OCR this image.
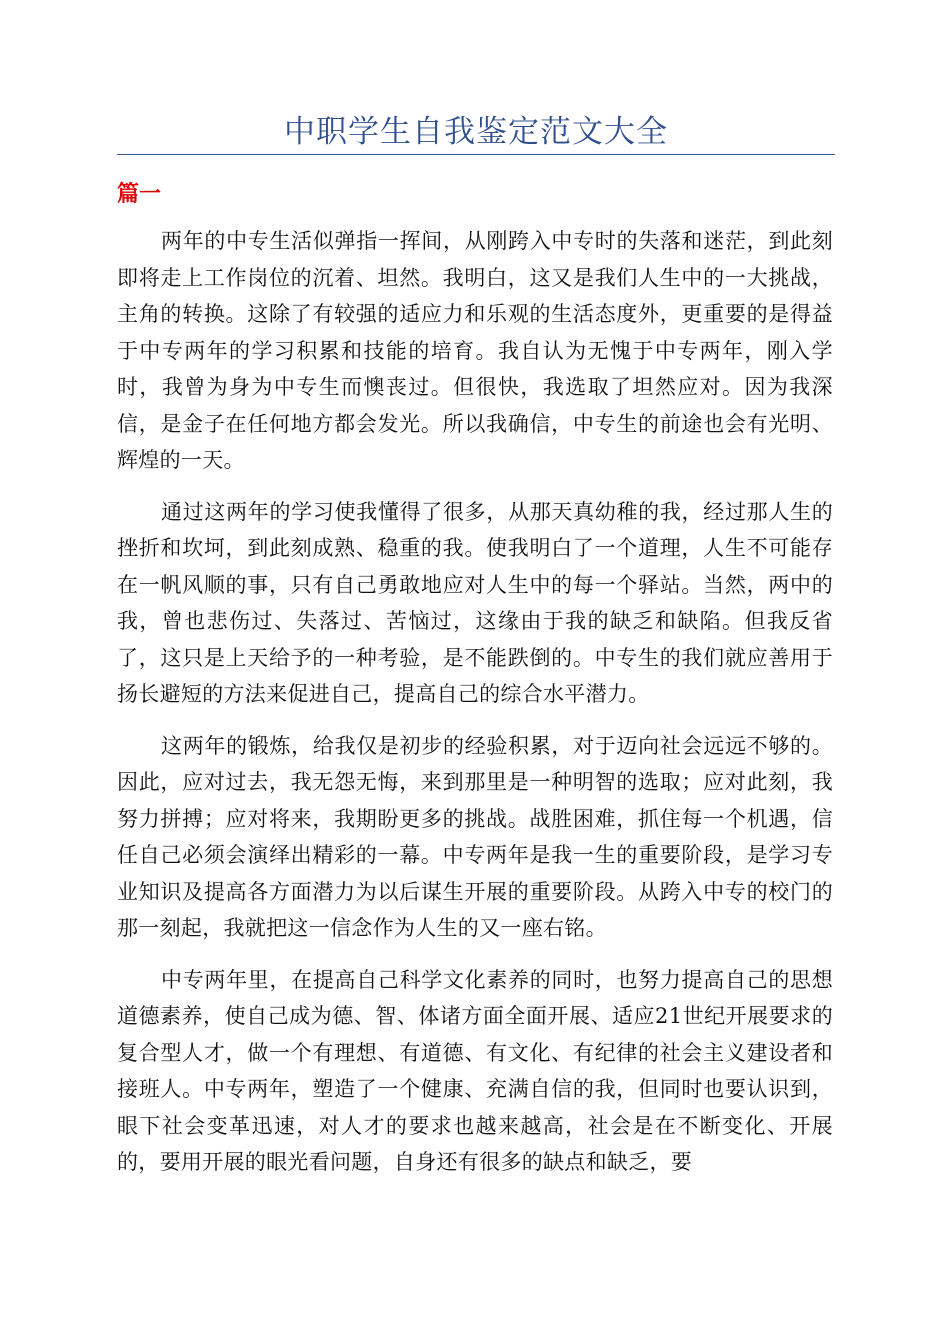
中职学生自我鉴定范文大全
篇一

两年的中专生活似弹指一挥间，从刚跨入中专时的失落和迷茫，到此刻即将走上工作岗位的沉着、坦然。我明白，这又是我们人生中的一大挑战，主角的转换。这除了有较强的适应力和乐观的生活态度外，更重要的是得益于中专两年的学习积累和技能的培育。我自认为无愧于中专两年，刚入学时，我曾为身为中专生而懊丧过。但很快，我选取了坦然应对。因为我深信，是金子在任何地方都会发光。所以我确信，中专生的前途也会有光明、辉煌的一天。

通过这两年的学习使我懂得了很多，从那天真幼稚的我，经过那人生的挫折和坎坷，到此刻成熟、稳重的我。使我明白了一个道理，人生不可能存在一帆风顺的事，只有自己勇敢地应对人生中的每一个驿站。当然，两中的我，曾也悲伤过、失落过、苦恼过，这缘由于我的缺乏和缺陷。但我反省了，这只是上天给予的一种考验，是不能跌倒的。中专生的我们就应善用于扬长避短的方法来促进自己，提高自己的综合水平潜力。

这两年的锻炼，给我仅是初步的经验积累，对于迈向社会远远不够的。因此，应对过去，我无怨无悔，来到那里是一种明智的选取；应对此刻，我努力拼搏；应对将来，我期盼更多的挑战。战胜困难，抓住每一个机遇，信任自己必须会演绎出精彩的一幕。中专两年是我一生的重要阶段，是学习专业知识及提高各方面潜力为以后谋生开展的重要阶段。从跨入中专的校门的那一刻起，我就把这一信念作为人生的又一座右铭。

中专两年里，在提高自己科学文化素养的同时，也努力提高自己的思想道德素养，使自己成为德、智、体诸方面全面开展、适应21世纪开展要求的复合型人才，做一个有理想、有道德、有文化、有纪律的社会主义建设者和接班人。中专两年，塑造了一个健康、充满自信的我，但同时也要认识到，眼下社会变革迅速，对人才的要求也越来越高，社会是在不断变化、开展的，要用开展的眼光看问题，自身还有很多的缺点和缺乏，要
